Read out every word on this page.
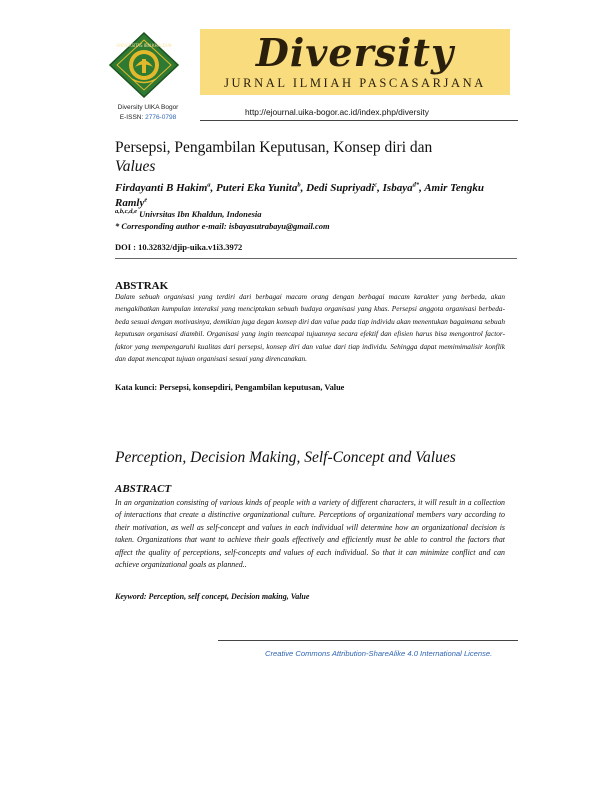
UNIVERSITAS IBN KHALDUN	Diversity
JURNAL ILMIAH PASCASARJANA
Diversity UIKA Bogor
E-ISSN: 2776-0798
http://ejournal.uika-bogor.ac.id/index.php/diversity
Persepsi, Pengambilan Keputusan, Konsep diri dan
Values
Firdayanti B Hakim$^a$, Puteri Eka Yunita$^b$, Dedi Supriyadi$^c$, Isbaya$^{d*}$, Amir Tengku Ramly$^e$
$^{a,b,c,d,e}$ Univrsitas Ibn Khaldun, Indonesia
* Corresponding author e-mail: isbayasutrabayu@gmail.com
DOI : 10.32832/djip-uika.v1i3.3972
ABSTRAK
Dalam sebuah organisasi yang terdiri dari berbagai macam orang dengan berbagai macam karakter yang berbeda, akan mengakibatkan kumpulan interaksi yang menciptakan sebuah budaya organisasi yang khas. Persepsi anggota organisasi berbeda-beda sesuai dengan motivasinya, demikian juga degan konsep diri dan value pada tiap individu akan menentukan bagaimana sebuah keputusan organisasi diambil. Organisasi yang ingin mencapai tujuannya secara efektif dan efisien harus bisa mengontrol factor-faktor yang mempengaruhi kualitas dari persepsi, konsep diri dan value dari tiap individu. Sehingga dapat memimimalisir konflik dan dapat mencapat tujuan organisasi sesuai yang direncanakan.
Kata kunci: Persepsi, konsepdiri, Pengambilan keputusan, Value
Perception, Decision Making, Self-Concept and Values
ABSTRACT
In an organization consisting of various kinds of people with a variety of different characters, it will result in a collection of interactions that create a distinctive organizational culture. Perceptions of organizational members vary according to their motivation, as well as self-concept and values in each individual will determine how an organizational decision is taken. Organizations that want to achieve their goals effectively and efficiently must be able to control the factors that affect the quality of perceptions, self-concepts and values of each individual. So that it can minimize conflict and can achieve organizational goals as planned..
Keyword: Perception, self concept, Decision making, Value
Creative Commons Attribution-ShareAlike 4.0 International License.
